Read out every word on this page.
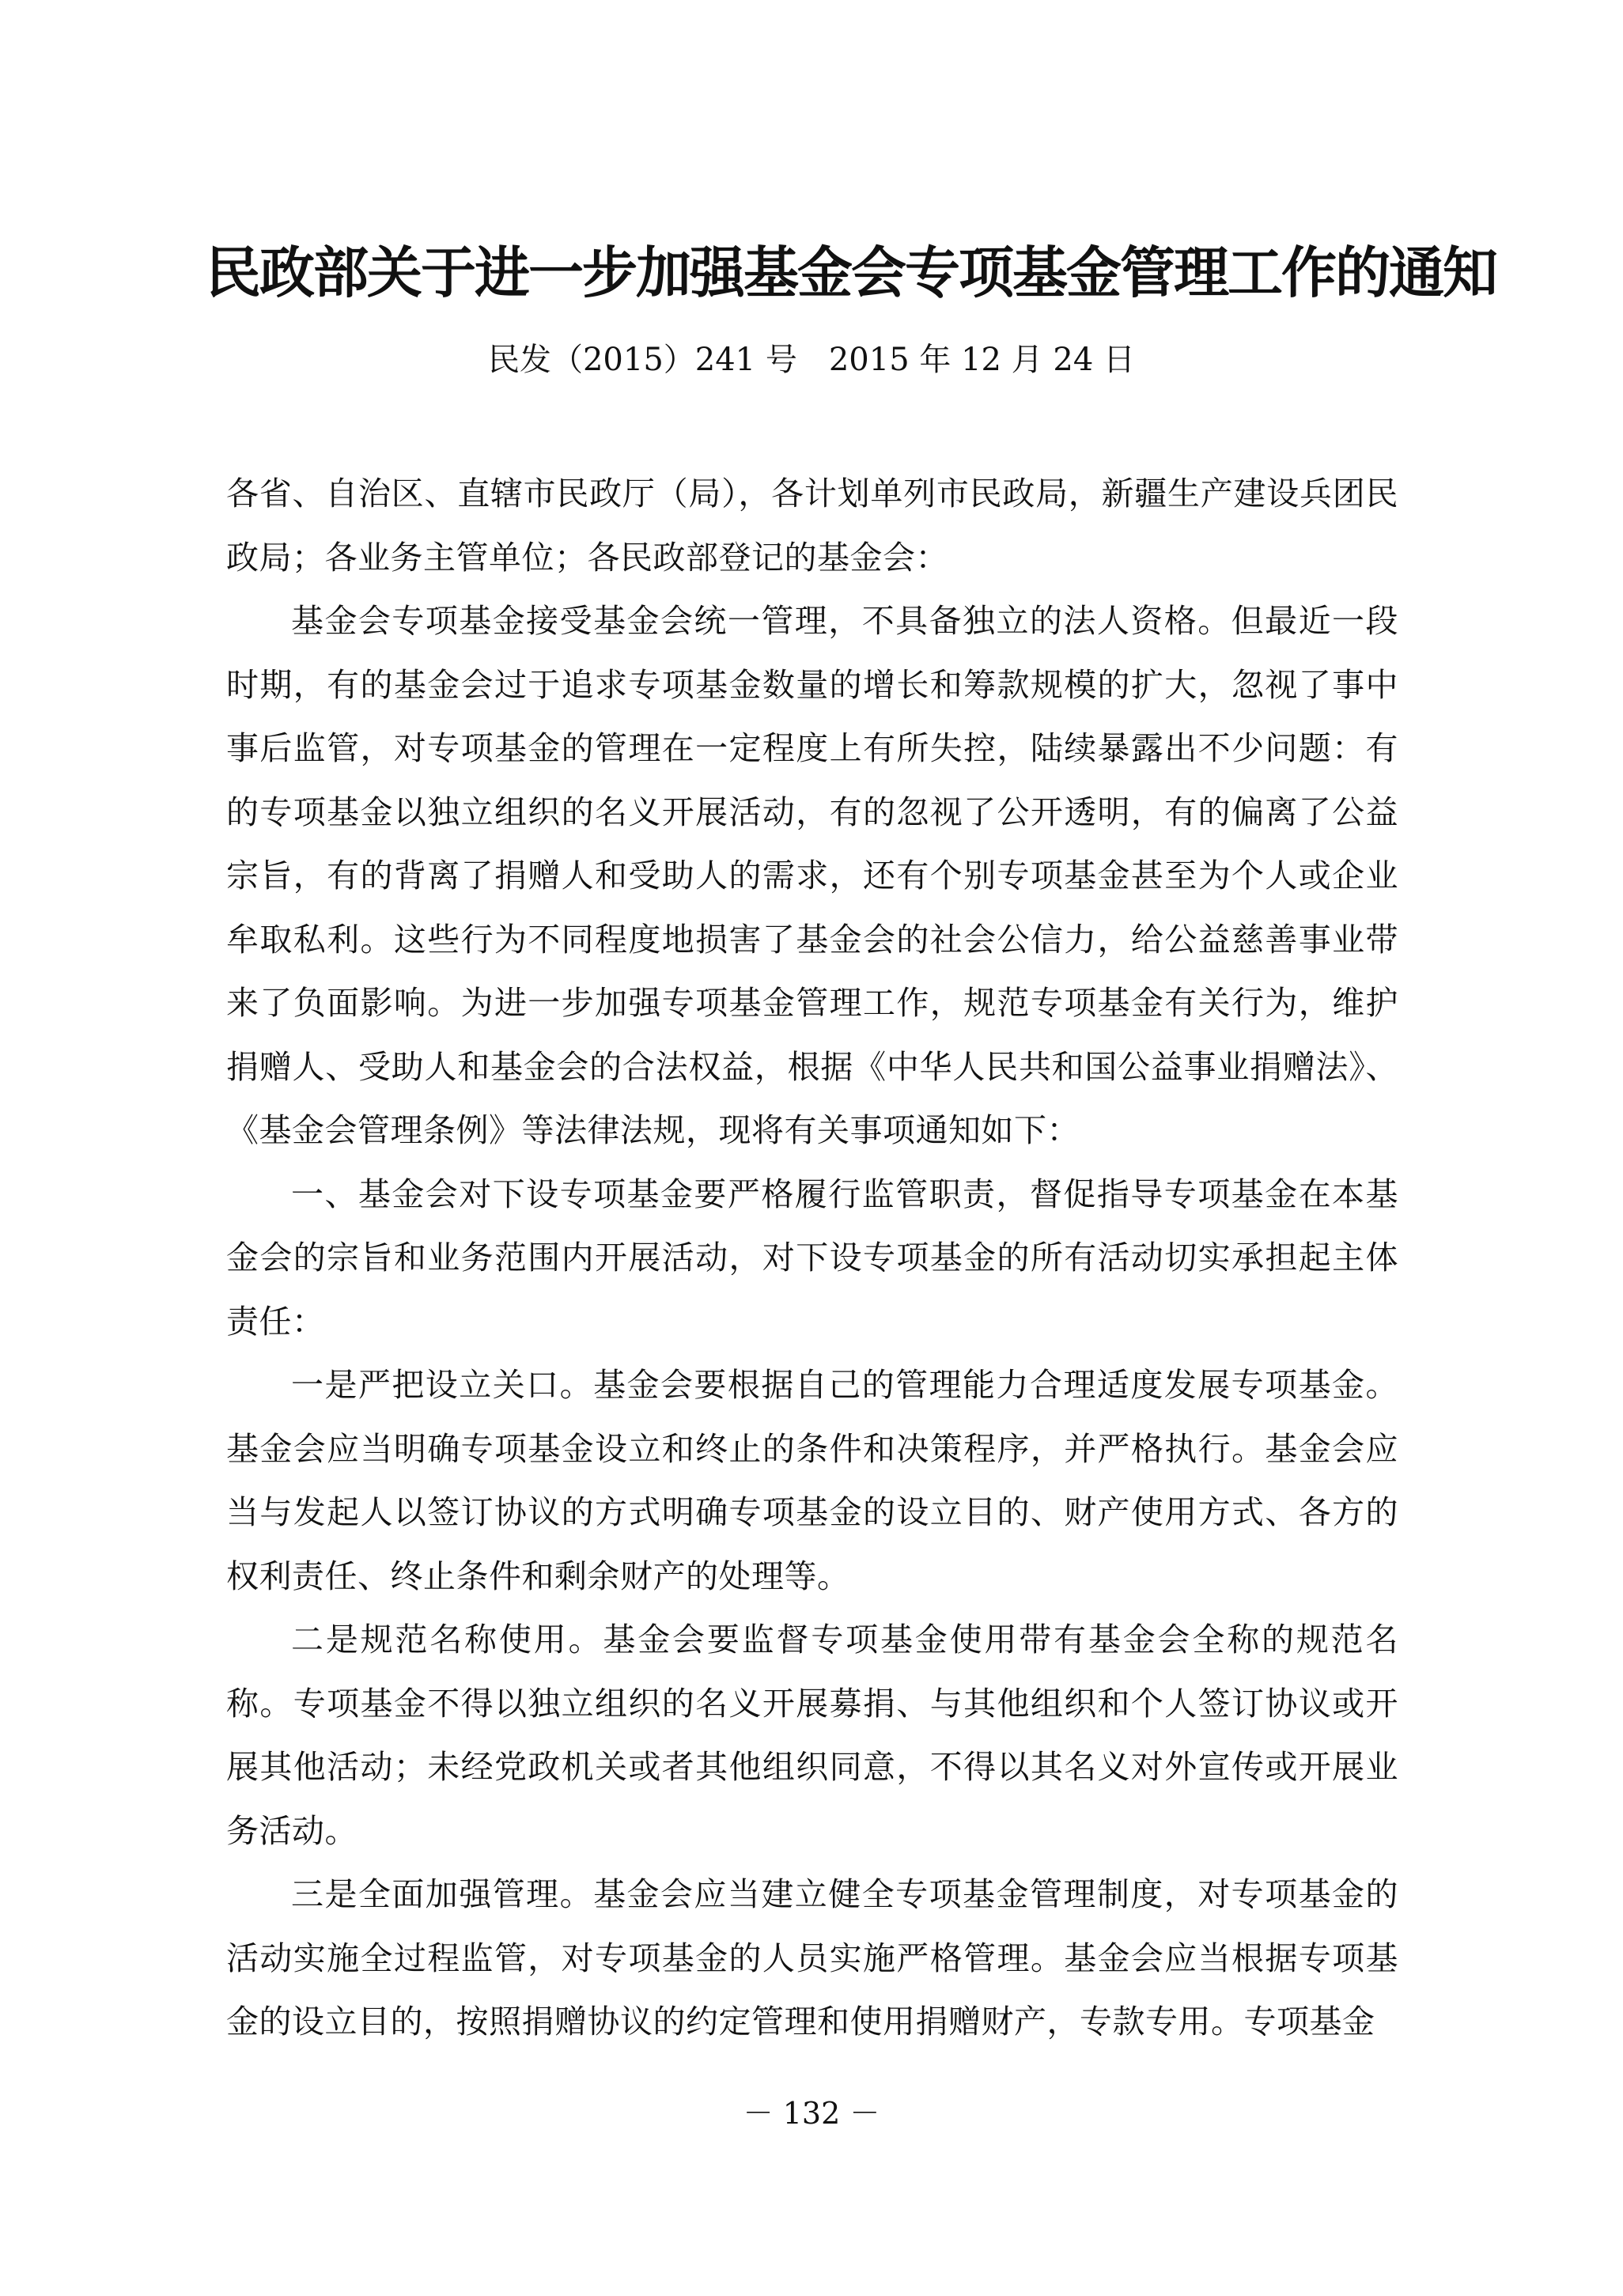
民政部关于进一步加强基金会专项基金管理工作的通知
民发（2015）241 号　2015 年 12 月 24 日

各省、自治区、直辖市民政厅（局），各计划单列市民政局，新疆生产建设兵团民政局；各业务主管单位；各民政部登记的基金会：

基金会专项基金接受基金会统一管理，不具备独立的法人资格。但最近一段时期，有的基金会过于追求专项基金数量的增长和筹款规模的扩大，忽视了事中事后监管，对专项基金的管理在一定程度上有所失控，陆续暴露出不少问题：有的专项基金以独立组织的名义开展活动，有的忽视了公开透明，有的偏离了公益宗旨，有的背离了捐赠人和受助人的需求，还有个别专项基金甚至为个人或企业牟取私利。这些行为不同程度地损害了基金会的社会公信力，给公益慈善事业带来了负面影响。为进一步加强专项基金管理工作，规范专项基金有关行为，维护捐赠人、受助人和基金会的合法权益，根据《中华人民共和国公益事业捐赠法》、《基金会管理条例》等法律法规，现将有关事项通知如下：

一、基金会对下设专项基金要严格履行监管职责，督促指导专项基金在本基金会的宗旨和业务范围内开展活动，对下设专项基金的所有活动切实承担起主体责任：

一是严把设立关口。基金会要根据自己的管理能力合理适度发展专项基金。基金会应当明确专项基金设立和终止的条件和决策程序，并严格执行。基金会应当与发起人以签订协议的方式明确专项基金的设立目的、财产使用方式、各方的权利责任、终止条件和剩余财产的处理等。

二是规范名称使用。基金会要监督专项基金使用带有基金会全称的规范名称。专项基金不得以独立组织的名义开展募捐、与其他组织和个人签订协议或开展其他活动；未经党政机关或者其他组织同意，不得以其名义对外宣传或开展业务活动。

三是全面加强管理。基金会应当建立健全专项基金管理制度，对专项基金的活动实施全过程监管，对专项基金的人员实施严格管理。基金会应当根据专项基金的设立目的，按照捐赠协议的约定管理和使用捐赠财产，专款专用。专项基金

－ 132 －
